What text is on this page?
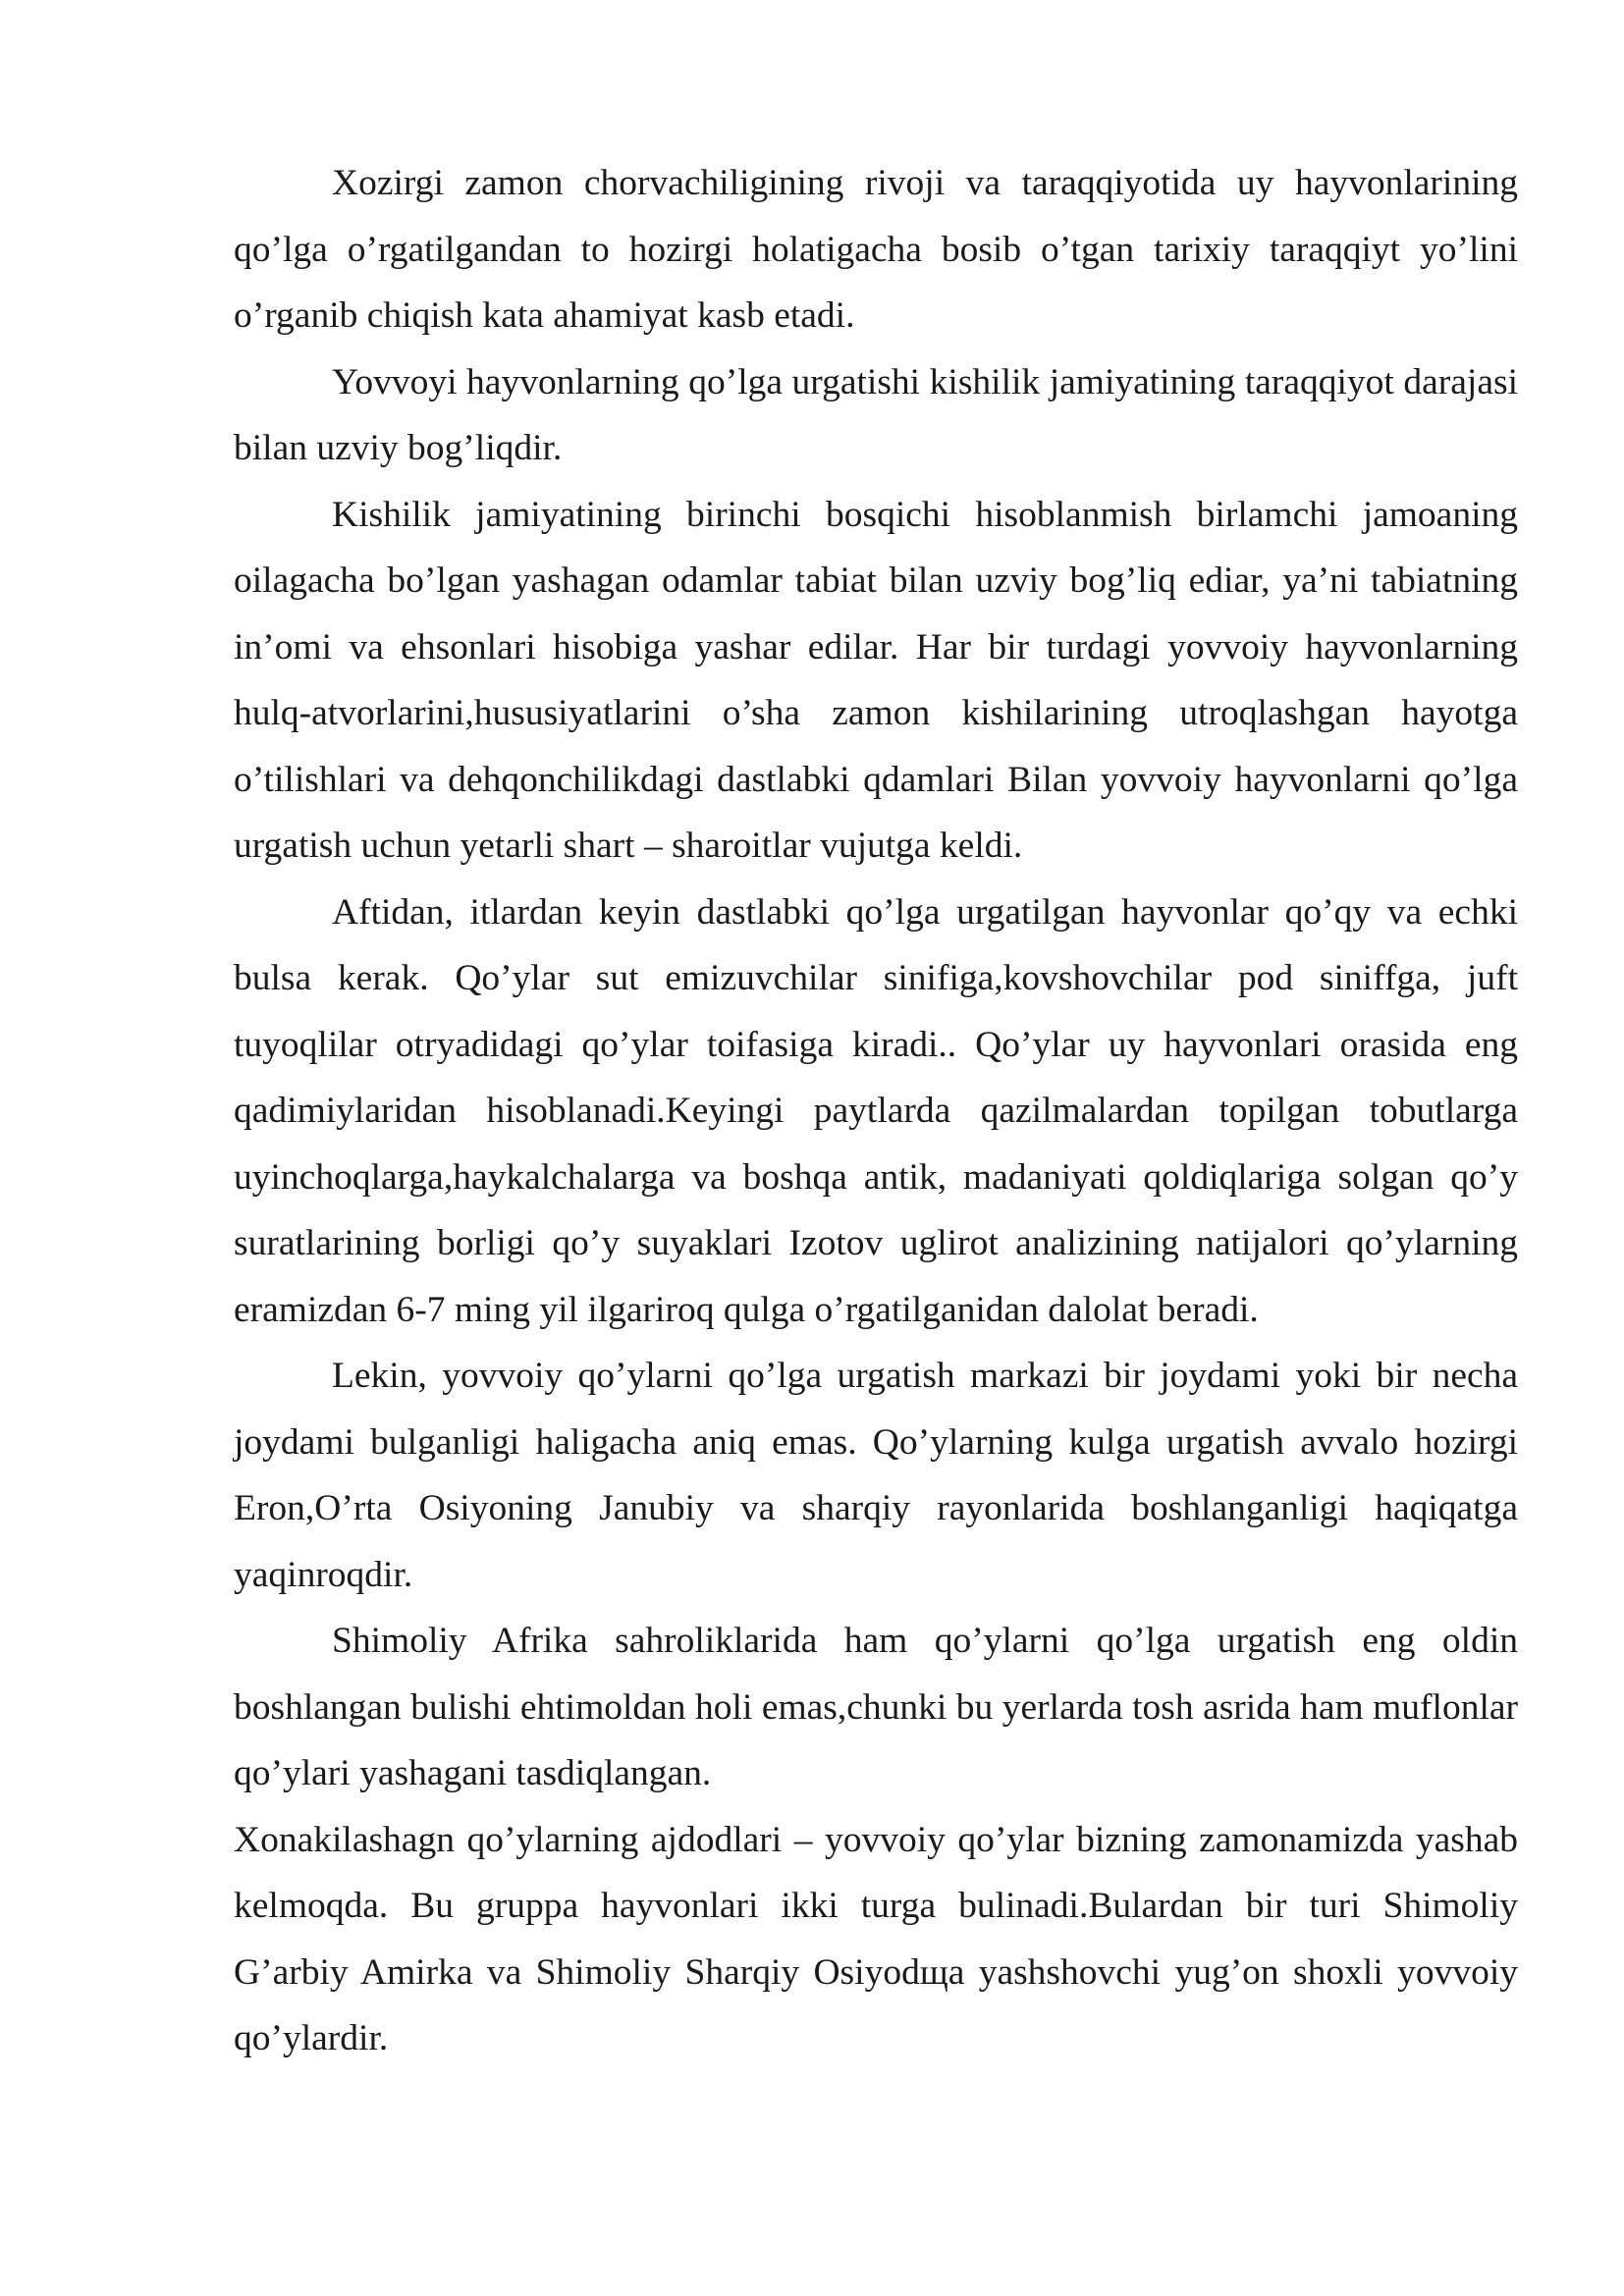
Xozirgi zamon chorvachiligining rivoji va taraqqiyotida uy hayvonlarining qo’lga o’rgatilgandan to hozirgi holatigacha bosib o’tgan tarixiy taraqqiyt yo’lini o’rganib chiqish kata ahamiyat kasb etadi.

Yovvoyi hayvonlarning qo’lga urgatishi kishilik jamiyatining taraqqiyot darajasi bilan uzviy bog’liqdir.

Kishilik jamiyatining birinchi bosqichi hisoblanmish birlamchi jamoaning oilagacha bo’lgan yashagan odamlar tabiat bilan uzviy bog’liq ediar, ya’ni tabiatning in’omi va ehsonlari hisobiga yashar edilar. Har bir turdagi yovvoiy hayvonlarning hulq-atvorlarini,hususiyatlarini o’sha zamon kishilarining utroqlashgan hayotga o’tilishlari va dehqonchilikdagi dastlabki qdamlari Bilan yovvoiy hayvonlarni qo’lga urgatish uchun yetarli shart – sharoitlar vujutga keldi.

Aftidan, itlardan keyin dastlabki qo’lga urgatilgan hayvonlar qo’qy va echki bulsa kerak. Qo’ylar sut emizuvchilar sinifiga,kovshovchilar pod siniffga, juft tuyoqlilar otryadidagi qo’ylar toifasiga kiradi.. Qo’ylar uy hayvonlari orasida eng qadimiylaridan hisoblanadi.Keyingi paytlarda qazilmalardan topilgan tobutlarga uyinchoqlarga,haykalchalarga va boshqa antik, madaniyati qoldiqlariga solgan qo’y suratlarining borligi qo’y suyaklari Izotov uglirot analizining natijalori qo’ylarning eramizdan 6-7 ming yil ilgariroq qulga o’rgatilganidan dalolat beradi.

Lekin, yovvoiy qo’ylarni qo’lga urgatish markazi bir joydami yoki bir necha joydami bulganligi haligacha aniq emas. Qo’ylarning kulga urgatish avvalo hozirgi Eron,O’rta Osiyoning Janubiy va sharqiy rayonlarida boshlanganligi haqiqatga yaqinroqdir.

Shimoliy Afrika sahroliklarida ham qo’ylarni qo’lga urgatish eng oldin boshlangan bulishi ehtimoldan holi emas,chunki bu yerlarda tosh asrida ham muflonlar qo’ylari yashagani tasdiqlangan.

Xonakilashagn qo’ylarning ajdodlari – yovvoiy qo’ylar bizning zamonamizda yashab kelmoqda. Bu gruppa hayvonlari ikki turga bulinadi.Bulardan bir turi Shimoliy G’arbiy Amirka va Shimoliy Sharqiy Osiyodща yashshovchi yug’on shoxli yovvoiy qo’ylardir.
